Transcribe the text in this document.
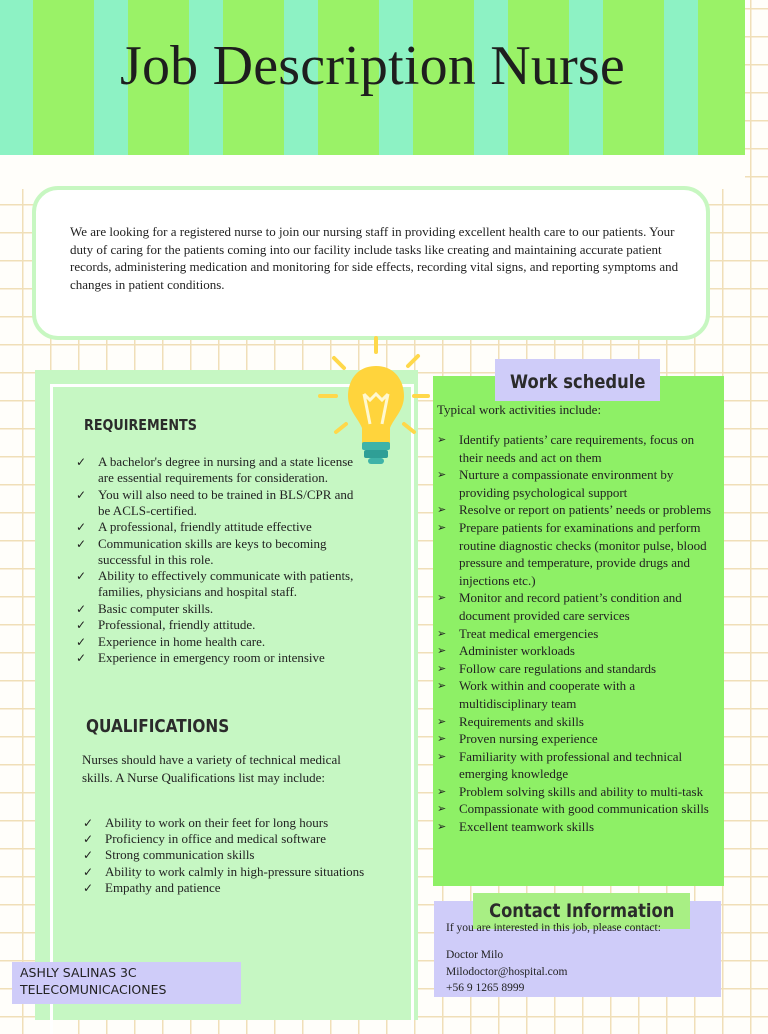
Job Description Nurse

We are looking for a registered nurse to join our nursing staff in providing excellent health care to our patients. Your duty of caring for the patients coming into our facility include tasks like creating and maintaining accurate patient records, administering medication and monitoring for side effects, recording vital signs, and reporting symptoms and changes in patient conditions.

REQUIREMENTS
✓ A bachelor's degree in nursing and a state license are essential requirements for consideration.
✓ You will also need to be trained in BLS/CPR and be ACLS-certified.
✓ A professional, friendly attitude effective
✓ Communication skills are keys to becoming successful in this role.
✓ Ability to effectively communicate with patients, families, physicians and hospital staff.
✓ Basic computer skills.
✓ Professional, friendly attitude.
✓ Experience in home health care.
✓ Experience in emergency room or intensive
QUALIFICATIONS

Nurses should have a variety of technical medical skills. A Nurse Qualifications list may include:

✓ Ability to work on their feet for long hours
✓ Proficiency in office and medical software
✓ Strong communication skills
✓ Ability to work calmly in high-pressure situations
✓ Empathy and patience
Work schedule

Typical work activities include:

➢ Identify patients’ care requirements, focus on their needs and act on them
➢ Nurture a compassionate environment by providing psychological support
➢ Resolve or report on patients’ needs or problems
➢ Prepare patients for examinations and perform routine diagnostic checks (monitor pulse, blood pressure and temperature, provide drugs and injections etc.)
➢ Monitor and record patient’s condition and document provided care services
➢ Treat medical emergencies
➢ Administer workloads
➢ Follow care regulations and standards
➢ Work within and cooperate with a multidisciplinary team
➢ Requirements and skills
➢ Proven nursing experience
➢ Familiarity with professional and technical emerging knowledge
➢ Problem solving skills and ability to multi-task
➢ Compassionate with good communication skills
➢ Excellent teamwork skills
Contact Information

If you are interested in this job, please contact:

Doctor Milo
Milodoctor@hospital.com
+56 9 1265 8999
ASHLY SALINAS 3C
TELECOMUNICACIONES
